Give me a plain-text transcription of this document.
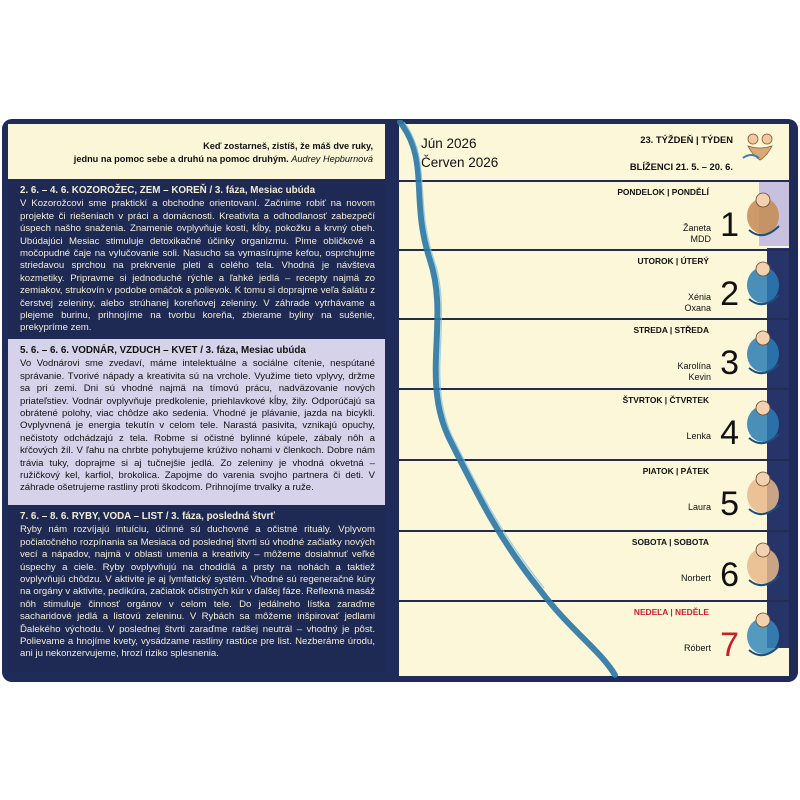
Keď zostarneš, zistíš, že máš dve ruky,
jednu na pomoc sebe a druhú na pomoc druhým. Audrey Hepburnová
2. 6. – 4. 6. KOZOROŽEC, ZEM – KOREŇ / 3. fáza, Mesiac ubúda
V Kozorožcovi sme praktickí a obchodne orientovaní. Začnime robiť na novom projekte či riešeniach v práci a domácnosti. Kreativita a odhodlanosť zabezpečí úspech našho snaženia. Znamenie ovplyvňuje kosti, kĺby, pokožku a krvný obeh. Ubúdajúci Mesiac stimuluje detoxikačné účinky organizmu. Pime obličkové a močopudné čaje na vylučovanie soli. Nasucho sa vymasírujme kefou, osprchujme striedavou sprchou na prekrvenie pleti a celého tela. Vhodná je návšteva kozmetiky. Pripravme si jednoduché rýchle a ľahké jedlá – recepty najmä zo zemiakov, strukovín v podobe omáčok a polievok. K tomu si doprajme veľa šalátu z čerstvej zeleniny, alebo strúhanej koreňovej zeleniny. V záhrade vytrhávame a plejeme burinu, prihnojíme na tvorbu koreňa, zbierame byliny na sušenie, prekypríme zem.
5. 6. – 6. 6. VODNÁR, VZDUCH – KVET / 3. fáza, Mesiac ubúda
Vo Vodnárovi sme zvedaví, máme intelektuálne a sociálne cítenie, nespútané správanie. Tvorivé nápady a kreativita sú na vrchole. Využime tieto vplyvy, držme sa pri zemi. Dni sú vhodné najmä na tímovú prácu, nadväzovanie nových priateľstiev. Vodnár ovplyvňuje predkolenie, priehlavkové kĺby, žily. Odporúčajú sa obrátené polohy, viac chôdze ako sedenia. Vhodné je plávanie, jazda na bicykli. Ovplyvnená je energia tekutín v celom tele. Narastá pasivita, vznikajú opuchy, nečistoty odchádzajú z tela. Robme si očistné bylinné kúpele, zábaly nôh a kŕčových žíl. V ľahu na chrbte pohybujeme krúživo nohami v členkoch. Dobre nám trávia tuky, doprajme si aj tučnejšie jedlá. Zo zeleniny je vhodná okvetná – ružičkový kel, karfiol, brokolica. Zapojme do varenia svojho partnera či deti. V záhrade ošetrujeme rastliny proti škodcom. Prihnojíme trvalky a ruže.
7. 6. – 8. 6. RYBY, VODA – LIST / 3. fáza, posledná štvrť
Ryby nám rozvíjajú intuíciu, účinné sú duchovné a očistné rituály. Vplyvom počiatočného rozpínania sa Mesiaca od poslednej štvrti sú vhodné začiatky nových vecí a nápadov, najmä v oblasti umenia a kreativity – môžeme dosiahnuť veľké úspechy a ciele. Ryby ovplyvňujú na chodidlá a prsty na nohách a taktiež ovplyvňujú chôdzu. V aktivite je aj lymfatický systém. Vhodné sú regeneračné kúry na orgány v aktivite, pedikúra, začiatok očistných kúr v ďalšej fáze. Reflexná masáž nôh stimuluje činnosť orgánov v celom tele. Do jedálneho lístka zaraďme sacharidové jedlá a listovú zeleninu. V Rybách sa môžeme inšpirovať jedlami Ďalekého východu. V poslednej štvrti zaraďme radšej neutrál – vhodný je pôst. Polievame a hnojíme kvety, vysádzame rastliny rastúce pre list. Nezberáme úrodu, ani ju nekonzervujeme, hrozí riziko splesnenia.
Jún 2026
Červen 2026
23. TÝŽDEŇ | TÝDEN
BLÍŽENCI 21. 5. – 20. 6.
PONDELOK | PONDĚLÍ
Žaneta
MDD 1
UTOROK | ÚTERÝ
Xénia
Oxana 2
STREDA | STŘEDA
Karolína
Kevin 3
ŠTVRTOK | ČTVRTEK
Lenka 4
PIATOK | PÁTEK
Laura 5
SOBOTA | SOBOTA
Norbert 6
NEDEĽA | NEDĚLE
Róbert 7
